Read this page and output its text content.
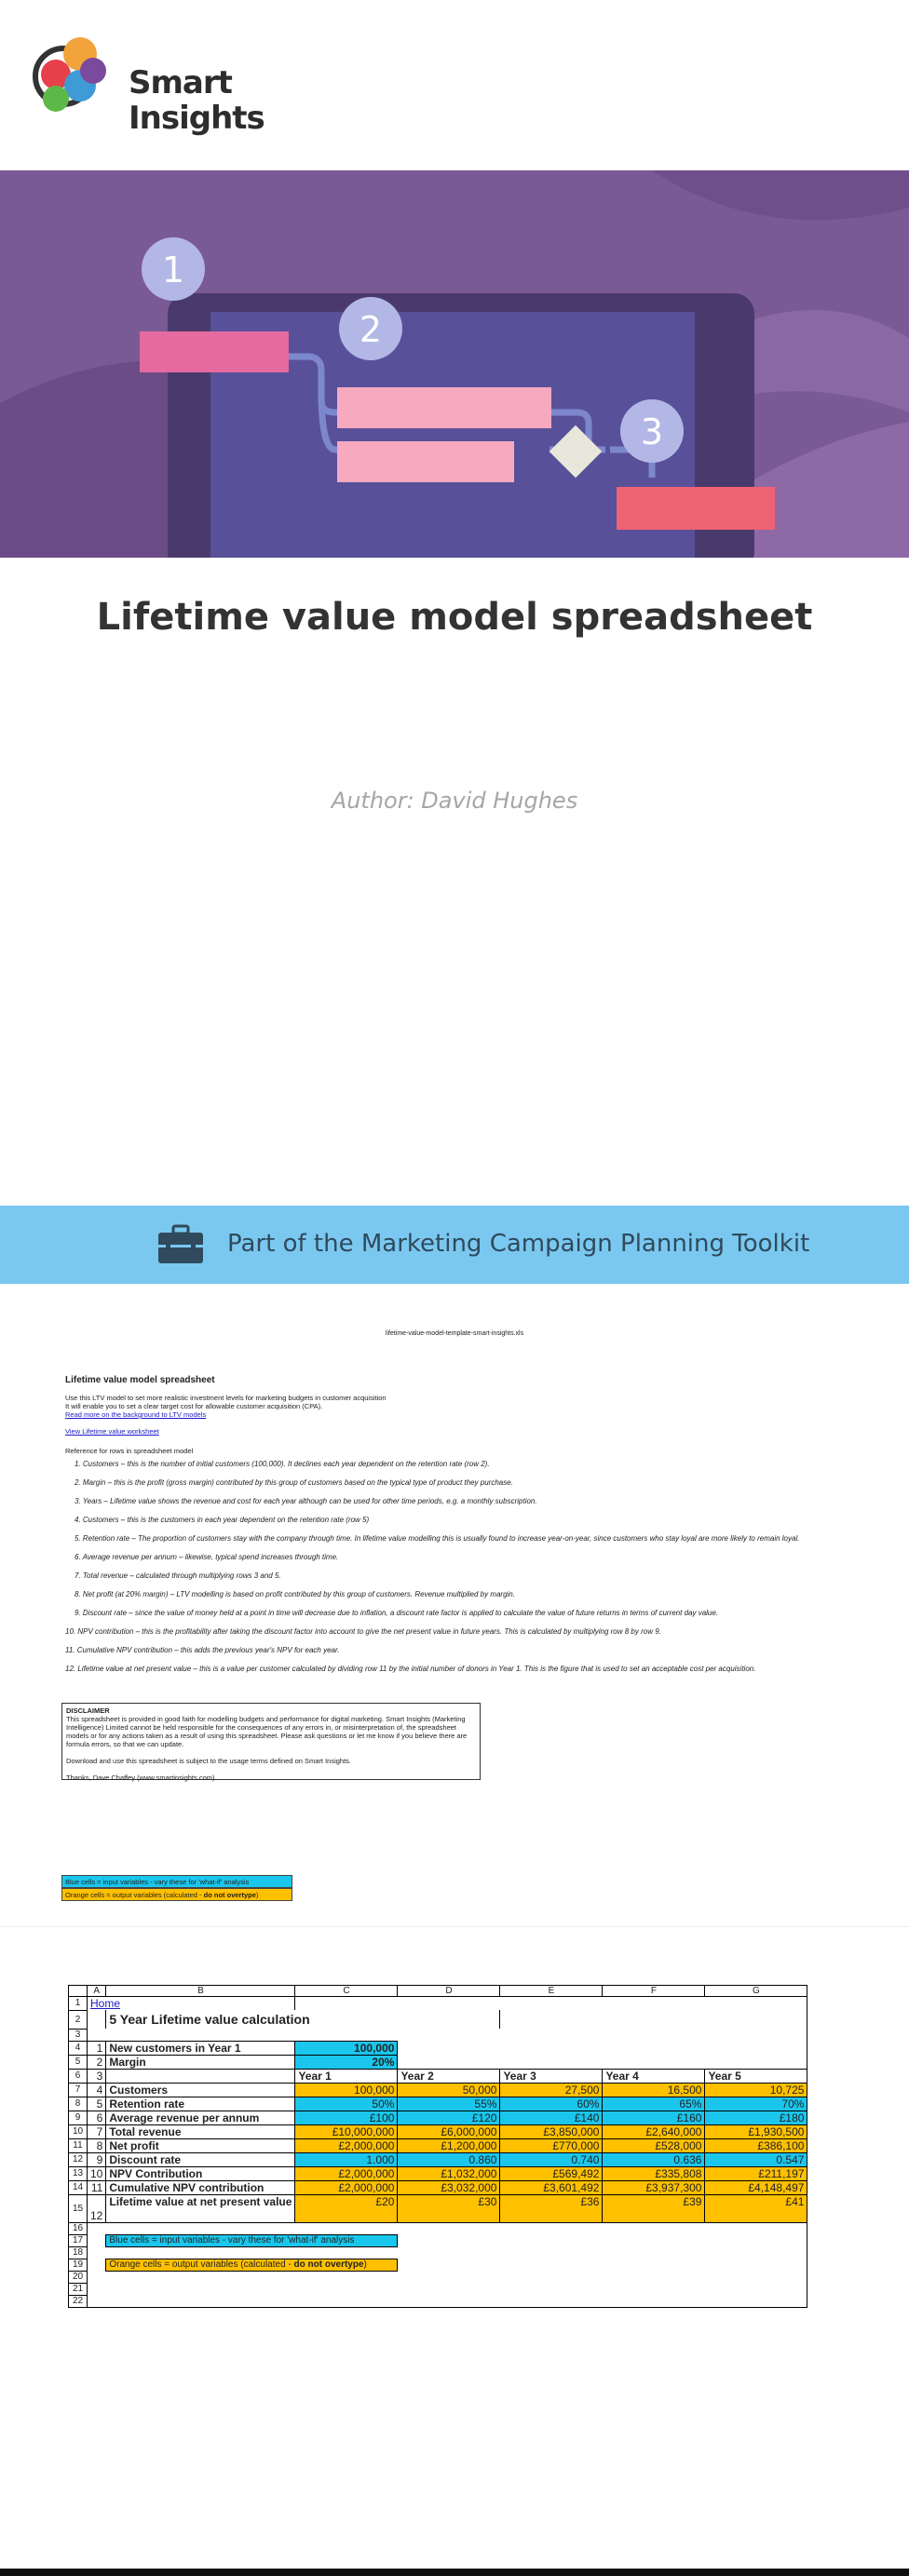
Smart
Insights
1
2
3
Lifetime value model spreadsheet
Author: David Hughes
Part of the Marketing Campaign Planning Toolkit
lifetime-value-model-template-smart-insights.xls
Lifetime value model spreadsheet
Use this LTV model to set more realistic investment levels for marketing budgets in customer acquisition
It will enable you to set a clear target cost for allowable customer acquisition (CPA).
Read more on the background to LTV models
View Lifetime value worksheet
Reference for rows in spreadsheet model
1. Customers – this is the number of initial customers (100,000). It declines each year dependent on the retention rate (row 2).
2. Margin – this is the profit (gross margin) contributed by this group of customers based on the typical type of product they purchase.
3. Years – Lifetime value shows the revenue and cost for each year although can be used for other time periods, e.g. a monthly subscription.
4. Customers – this is the customers in each year dependent on the retention rate (row 5)
5. Retention rate – The proportion of customers stay with the company through time. In lifetime value modelling this is usually found to increase year-on-year, since customers who stay loyal are more likely to remain loyal.
6. Average revenue per annum – likewise, typical spend increases through time.
7. Total revenue – calculated through multiplying rows 3 and 5.
8. Net profit (at 20% margin) – LTV modelling is based on profit contributed by this group of customers. Revenue multiplied by margin.
9. Discount rate – since the value of money held at a point in time will decrease due to inflation, a discount rate factor is applied to calculate the value of future returns in terms of current day value.
10. NPV contribution – this is the profitability after taking the discount factor into account to give the net present value in future years. This is calculated by multiplying row 8 by row 9.
11. Cumulative NPV contribution – this adds the previous year's NPV for each year.
12. Lifetime value at net present value – this is a value per customer calculated by dividing row 11 by the initial number of donors in Year 1. This is the figure that is used to set an acceptable cost per acquisition.
Blue cells = input variables - vary these for 'what-if' analysis
Orange cells = output variables (calculated - do not overtype)
DISCLAIMER
This spreadsheet is provided in good faith for modelling budgets and performance for digital marketing. Smart Insights (Marketing Intelligence) Limited cannot be held responsible for the consequences of any errors in, or misinterpretation of, the spreadsheet models or for any actions taken as a result of using this spreadsheet. Please ask questions or let me know if you believe there are formula errors, so that we can update.
Download and use this spreadsheet is subject to the usage terms defined on Smart Insights.
Thanks, Dave Chaffey (www.smartinsights.com).
	A	B	C	D	E	F	G
1	Home						
2		5 Year Lifetime value calculation					
3							
4	1	New customers in Year 1	100,000				
5	2	Margin	20%				
6	3		Year 1	Year 2	Year 3	Year 4	Year 5
7	4	Customers	100,000	50,000	27,500	16,500	10,725
8	5	Retention rate	50%	55%	60%	65%	70%
9	6	Average revenue per annum	£100	£120	£140	£160	£180
10	7	Total revenue	£10,000,000	£6,000,000	£3,850,000	£2,640,000	£1,930,500
11	8	Net profit	£2,000,000	£1,200,000	£770,000	£528,000	£386,100
12	9	Discount rate	1.000	0.860	0.740	0.636	0.547
13	10	NPV Contribution	£2,000,000	£1,032,000	£569,492	£335,808	£211,197
14	11	Cumulative NPV contribution	£2,000,000	£3,032,000	£3,601,492	£3,937,300	£4,148,497
15	12	Lifetime value at net present value	£20	£30	£36	£39	£41
16							
17		Blue cells = input variables - vary these for 'what-if' analysis					
18							
19		Orange cells = output variables (calculated - do not overtype)					
20							
21							
22							
